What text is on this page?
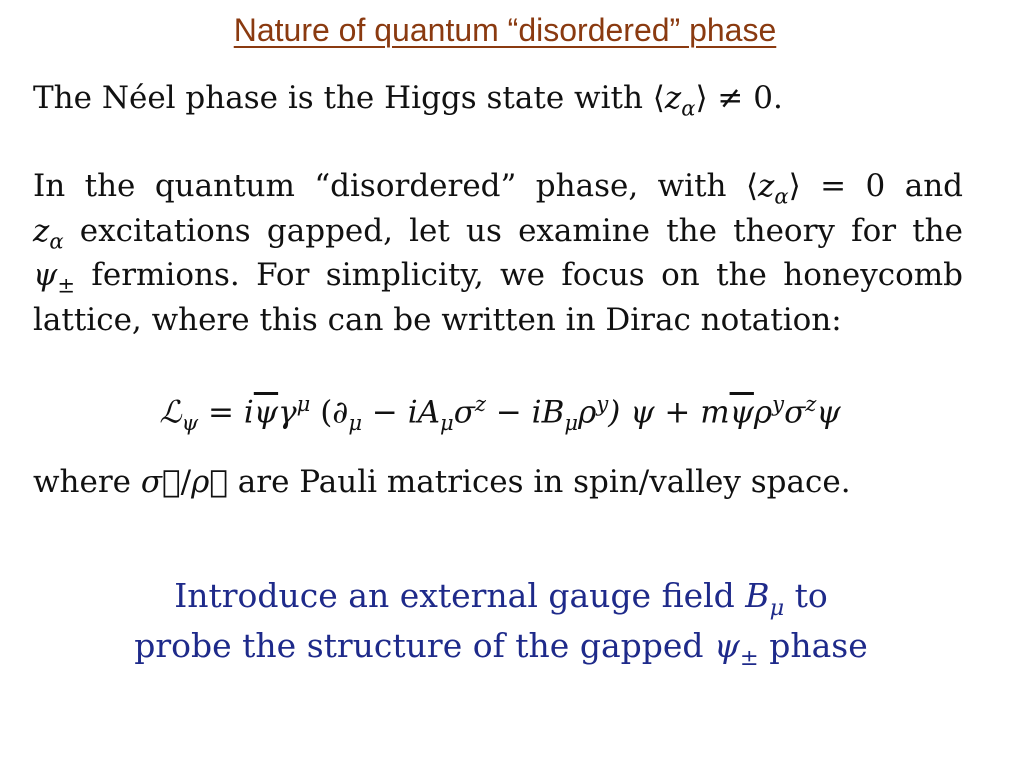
Nature of quantum “disordered” phase
The Néel phase is the Higgs state with $⟨z_\alpha⟩ \ne 0$.
In the quantum “disordered” phase, with $⟨z_\alpha⟩ = 0$ and
$z_\alpha$ excitations gapped, let us examine the theory for the
$\psi_\pm$ fermions. For simplicity, we focus on the honeycomb
lattice, where this can be written in Dirac notation:
ℒ$_\psi$ = $i\overline{\psi}\gamma^\mu$ $(\partial_\mu - iA_\mu\sigma^z - iB_\mu\rho^y) \psi + m\overline{\psi}\rho^y\sigma^z\psi$
where σ⃗/ρ⃗ are Pauli matrices in spin/valley space.
Introduce an external gauge field $B_\mu$ to
probe the structure of the gapped $\psi_\pm$ phase
